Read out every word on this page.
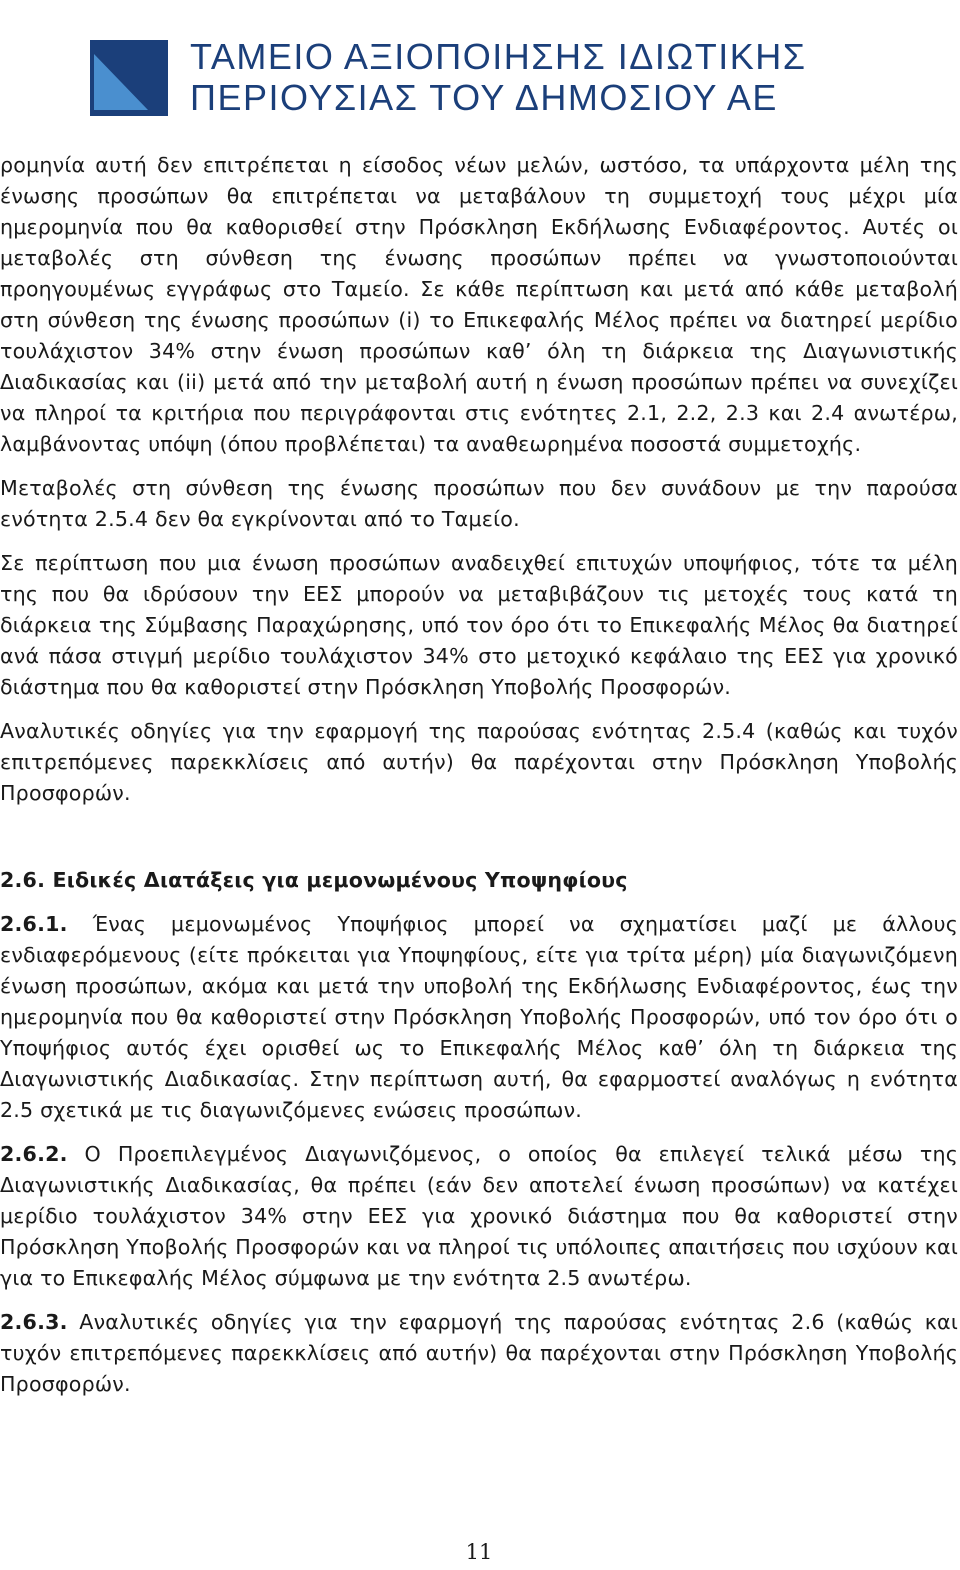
ΤΑΜΕΙΟ ΑΞΙΟΠΟΙΗΣΗΣ ΙΔΙΩΤΙΚΗΣ
ΠΕΡΙΟΥΣΙΑΣ ΤΟΥ ΔΗΜΟΣΙΟΥ ΑΕ

ρομηνία αυτή δεν επιτρέπεται η είσοδος νέων μελών, ωστόσο, τα υπάρχοντα μέλη της ένωσης προσώπων θα επιτρέπεται να μεταβάλουν τη συμμετοχή τους μέχρι μία ημερομηνία που θα καθορισθεί στην Πρόσκληση Εκδήλωσης Ενδιαφέροντος. Αυτές οι μεταβολές στη σύνθεση της ένωσης προσώπων πρέπει να γνωστοποιούνται προηγουμένως εγγράφως στο Ταμείο. Σε κάθε περίπτωση και μετά από κάθε μεταβολή στη σύνθεση της ένωσης προσώπων (i) το Επικεφαλής Μέλος πρέπει να διατηρεί μερίδιο τουλάχιστον 34% στην ένωση προσώπων καθ’ όλη τη διάρκεια της Διαγωνιστικής Διαδικασίας και (ii) μετά από την μεταβολή αυτή η ένωση προσώπων πρέπει να συνεχίζει να πληροί τα κριτήρια που περιγράφονται στις ενότητες 2.1, 2.2, 2.3 και 2.4 ανωτέρω, λαμβάνοντας υπόψη (όπου προβλέπεται) τα αναθεωρημένα ποσοστά συμμετοχής.

Μεταβολές στη σύνθεση της ένωσης προσώπων που δεν συνάδουν με την παρούσα ενότητα 2.5.4 δεν θα εγκρίνονται από το Ταμείο.

Σε περίπτωση που μια ένωση προσώπων αναδειχθεί επιτυχών υποψήφιος, τότε τα μέλη της που θα ιδρύσουν την ΕΕΣ μπορούν να μεταβιβάζουν τις μετοχές τους κατά τη διάρκεια της Σύμβασης Παραχώρησης, υπό τον όρο ότι το Επικεφαλής Μέλος θα διατηρεί ανά πάσα στιγμή μερίδιο τουλάχιστον 34% στο μετοχικό κεφάλαιο της ΕΕΣ για χρονικό διάστημα που θα καθοριστεί στην Πρόσκληση Υποβολής Προσφορών.

Αναλυτικές οδηγίες για την εφαρμογή της παρούσας ενότητας 2.5.4 (καθώς και τυχόν επιτρεπόμενες παρεκκλίσεις από αυτήν) θα παρέχονται στην Πρόσκληση Υποβολής Προσφορών.

2.6. Ειδικές Διατάξεις για μεμονωμένους Υποψηφίους

2.6.1. Ένας μεμονωμένος Υποψήφιος μπορεί να σχηματίσει μαζί με άλλους ενδιαφερόμενους (είτε πρόκειται για Υποψηφίους, είτε για τρίτα μέρη) μία διαγωνιζόμενη ένωση προσώπων, ακόμα και μετά την υποβολή της Εκδήλωσης Ενδιαφέροντος, έως την ημερομηνία που θα καθοριστεί στην Πρόσκληση Υποβολής Προσφορών, υπό τον όρο ότι ο Υποψήφιος αυτός έχει ορισθεί ως το Επικεφαλής Μέλος καθ’ όλη τη διάρκεια της Διαγωνιστικής Διαδικασίας. Στην περίπτωση αυτή, θα εφαρμοστεί αναλόγως η ενότητα 2.5 σχετικά με τις διαγωνιζόμενες ενώσεις προσώπων.

2.6.2. Ο Προεπιλεγμένος Διαγωνιζόμενος, ο οποίος θα επιλεγεί τελικά μέσω της Διαγωνιστικής Διαδικασίας, θα πρέπει (εάν δεν αποτελεί ένωση προσώπων) να κατέχει μερίδιο τουλάχιστον 34% στην ΕΕΣ για χρονικό διάστημα που θα καθοριστεί στην Πρόσκληση Υποβολής Προσφορών και να πληροί τις υπόλοιπες απαιτήσεις που ισχύουν και για το Επικεφαλής Μέλος σύμφωνα με την ενότητα 2.5 ανωτέρω.

2.6.3. Αναλυτικές οδηγίες για την εφαρμογή της παρούσας ενότητας 2.6 (καθώς και τυχόν επιτρεπόμενες παρεκκλίσεις από αυτήν) θα παρέχονται στην Πρόσκληση Υποβολής Προσφορών.

11
